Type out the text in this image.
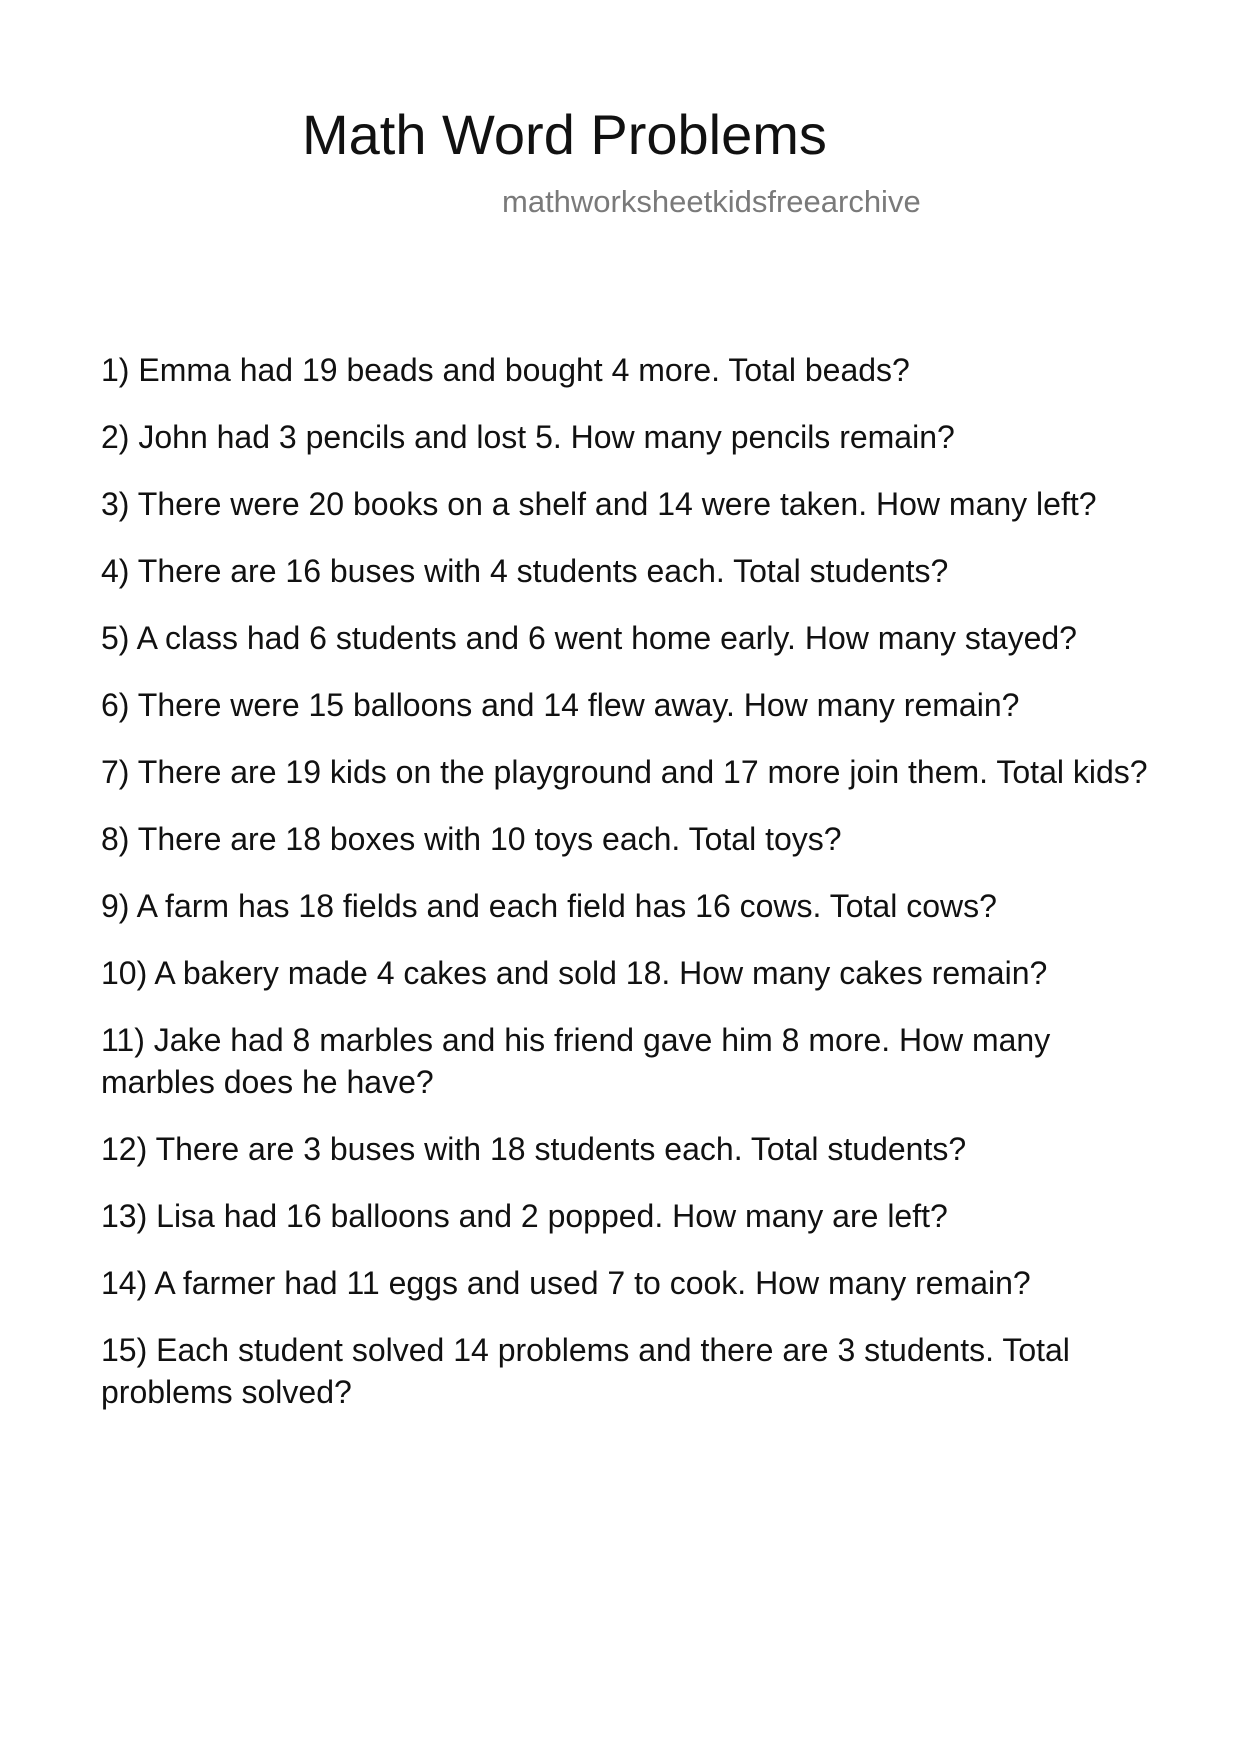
Math Word Problems
mathworksheetkidsfreearchive
1) Emma had 19 beads and bought 4 more. Total beads?
2) John had 3 pencils and lost 5. How many pencils remain?
3) There were 20 books on a shelf and 14 were taken. How many left?
4) There are 16 buses with 4 students each. Total students?
5) A class had 6 students and 6 went home early. How many stayed?
6) There were 15 balloons and 14 flew away. How many remain?
7) There are 19 kids on the playground and 17 more join them. Total kids?
8) There are 18 boxes with 10 toys each. Total toys?
9) A farm has 18 fields and each field has 16 cows. Total cows?
10) A bakery made 4 cakes and sold 18. How many cakes remain?
11) Jake had 8 marbles and his friend gave him 8 more. How many marbles does he have?
12) There are 3 buses with 18 students each. Total students?
13) Lisa had 16 balloons and 2 popped. How many are left?
14) A farmer had 11 eggs and used 7 to cook. How many remain?
15) Each student solved 14 problems and there are 3 students. Total problems solved?
